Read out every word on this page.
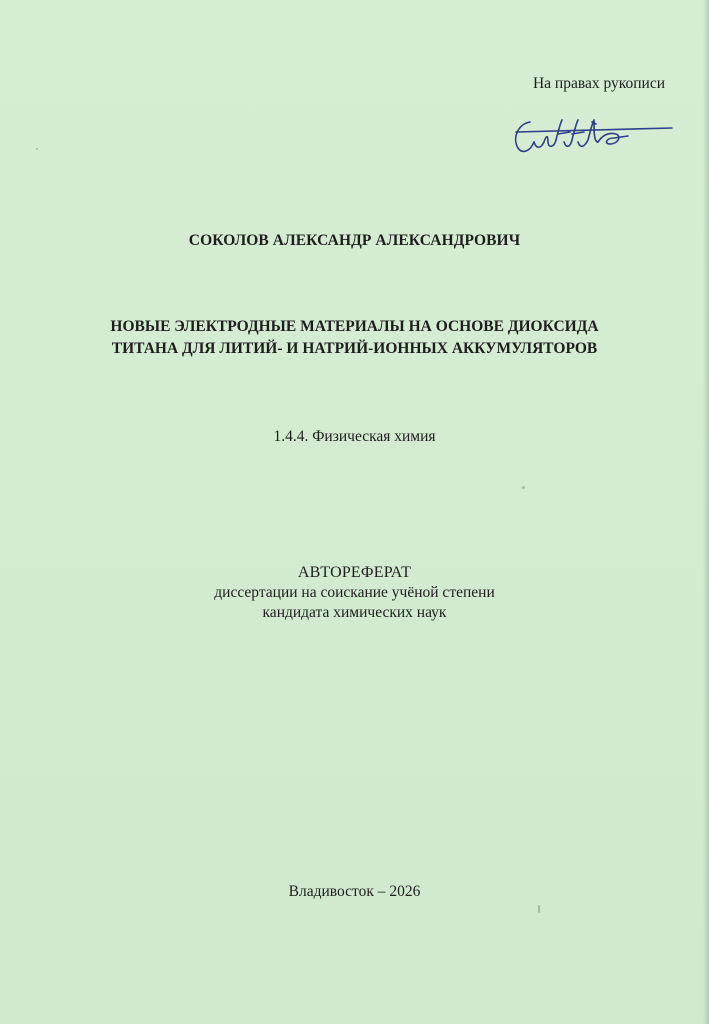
На правах рукописи
СОКОЛОВ АЛЕКСАНДР АЛЕКСАНДРОВИЧ
НОВЫЕ ЭЛЕКТРОДНЫЕ МАТЕРИАЛЫ НА ОСНОВЕ ДИОКСИДА
ТИТАНА ДЛЯ ЛИТИЙ- И НАТРИЙ-ИОННЫХ АККУМУЛЯТОРОВ
1.4.4. Физическая химия
АВТОРЕФЕРАТ
диссертации на соискание учёной степени
кандидата химических наук
Владивосток – 2026
